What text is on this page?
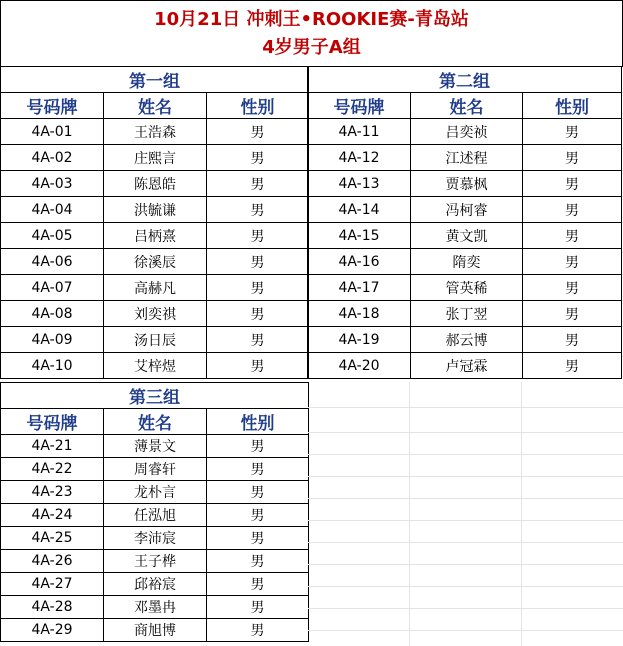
10月21日 冲刺王•ROOKIE赛-青岛站
4岁男子A组
第一组		
号码牌	姓名	性别
4A-01	王浩森	男
4A-02	庄熙言	男
4A-03	陈恩皓	男
4A-04	洪毓谦	男
4A-05	吕柄熹	男
4A-06	徐溪辰	男
4A-07	高赫凡	男
4A-08	刘奕祺	男
4A-09	汤日辰	男
4A-10	艾梓煜	男
第二组		
号码牌	姓名	性别
4A-11	吕奕祯	男
4A-12	江述程	男
4A-13	贾慕枫	男
4A-14	冯柯睿	男
4A-15	黄文凯	男
4A-16	隋奕	男
4A-17	管英稀	男
4A-18	张丁翌	男
4A-19	郝云博	男
4A-20	卢冠霖	男
第三组		
号码牌	姓名	性别
4A-21	薄景文	男
4A-22	周睿轩	男
4A-23	龙朴言	男
4A-24	任泓旭	男
4A-25	李沛宸	男
4A-26	王子桦	男
4A-27	邱裕宸	男
4A-28	邓墨冉	男
4A-29	商旭博	男
